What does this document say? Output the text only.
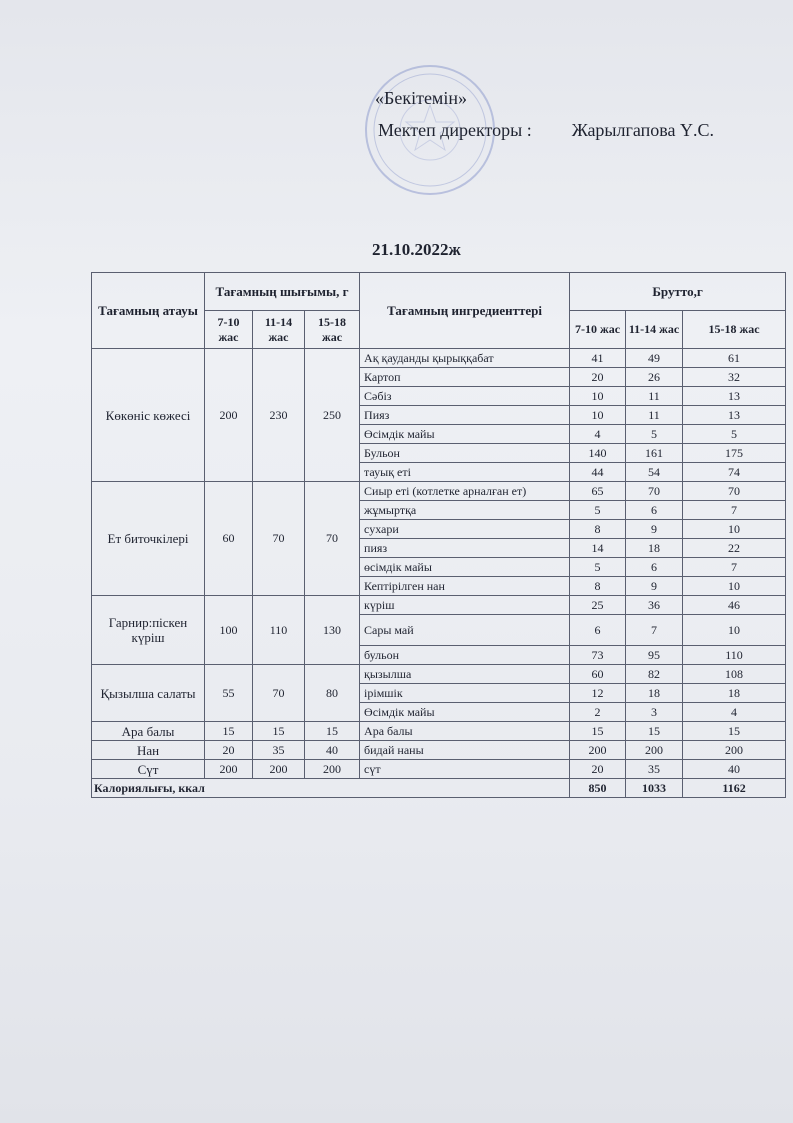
«Бекітемін»
Мектеп директоры : Жарылгапова Ү.С.
21.10.2022ж
Тағамның атауы	Тағамның шығымы, г			Тағамның ингредиенттері	Брутто,г		
	7-10 жас	11-14 жас	15-18 жас		7-10 жас	11-14 жас	15-18 жас
Көкөніс көжесі	200	230	250	Ақ қауданды қырыққабат	41	49	61
				Картоп	20	26	32
				Сәбіз	10	11	13
				Пияз	10	11	13
				Өсімдік майы	4	5	5
				Бульон	140	161	175
				тауық еті	44	54	74
Ет биточкілері	60	70	70	Сиыр еті (котлетке арналған ет)	65	70	70
				жұмыртқа	5	6	7
				сухари	8	9	10
				пияз	14	18	22
				өсімдік майы	5	6	7
				Кептірілген нан	8	9	10
Гарнир:піскен күріш	100	110	130	күріш	25	36	46
				Сары май	6	7	10
				бульон	73	95	110
Қызылша салаты	55	70	80	қызылша	60	82	108
				ірімшік	12	18	18
				Өсімдік майы	2	3	4
Ара балы	15	15	15	Ара балы	15	15	15
Нан	20	35	40	бидай наны	200	200	200
Сүт	200	200	200	сүт	20	35	40
Калориялығы, ккал					850	1033	1162
